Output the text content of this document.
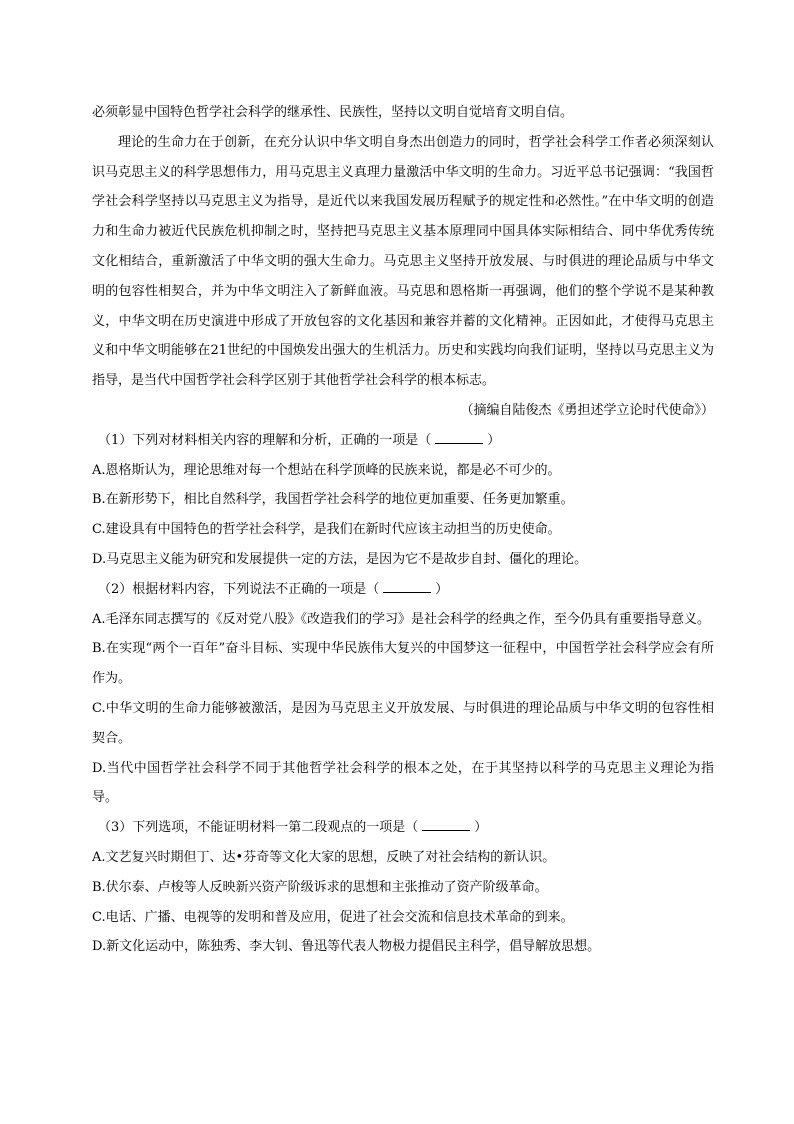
必须彰显中国特色哲学社会科学的继承性、民族性，坚持以文明自觉培育文明自信。

理论的生命力在于创新，在充分认识中华文明自身杰出创造力的同时，哲学社会科学工作者必须深刻认识马克思主义的科学思想伟力，用马克思主义真理力量激活中华文明的生命力。习近平总书记强调：“我国哲学社会科学坚持以马克思主义为指导，是近代以来我国发展历程赋予的规定性和必然性。”在中华文明的创造力和生命力被近代民族危机抑制之时，坚持把马克思主义基本原理同中国具体实际相结合、同中华优秀传统文化相结合，重新激活了中华文明的强大生命力。马克思主义坚持开放发展、与时俱进的理论品质与中华文明的包容性相契合，并为中华文明注入了新鲜血液。马克思和恩格斯一再强调，他们的整个学说不是某种教义，中华文明在历史演进中形成了开放包容的文化基因和兼容并蓄的文化精神。正因如此，才使得马克思主义和中华文明能够在21世纪的中国焕发出强大的生机活力。历史和实践均向我们证明，坚持以马克思主义为指导，是当代中国哲学社会科学区别于其他哲学社会科学的根本标志。

（摘编自陆俊杰《勇担述学立论时代使命》）

（1）下列对材料相关内容的理解和分析，正确的一项是（	）

A.恩格斯认为，理论思维对每一个想站在科学顶峰的民族来说，都是必不可少的。

B.在新形势下，相比自然科学，我国哲学社会科学的地位更加重要、任务更加繁重。

C.建设具有中国特色的哲学社会科学，是我们在新时代应该主动担当的历史使命。

D.马克思主义能为研究和发展提供一定的方法，是因为它不是故步自封、僵化的理论。

（2）根据材料内容，下列说法不正确的一项是（	）

A.毛泽东同志撰写的《反对党八股》《改造我们的学习》是社会科学的经典之作，至今仍具有重要指导意义。

B.在实现“两个一百年”奋斗目标、实现中华民族伟大复兴的中国梦这一征程中，中国哲学社会科学应会有所作为。

C.中华文明的生命力能够被激活，是因为马克思主义开放发展、与时俱进的理论品质与中华文明的包容性相契合。

D.当代中国哲学社会科学不同于其他哲学社会科学的根本之处，在于其坚持以科学的马克思主义理论为指导。

（3）下列选项，不能证明材料一第二段观点的一项是（	）

A.文艺复兴时期但丁、达•芬奇等文化大家的思想，反映了对社会结构的新认识。

B.伏尔泰、卢梭等人反映新兴资产阶级诉求的思想和主张推动了资产阶级革命。

C.电话、广播、电视等的发明和普及应用，促进了社会交流和信息技术革命的到来。

D.新文化运动中，陈独秀、李大钊、鲁迅等代表人物极力提倡民主科学，倡导解放思想。
